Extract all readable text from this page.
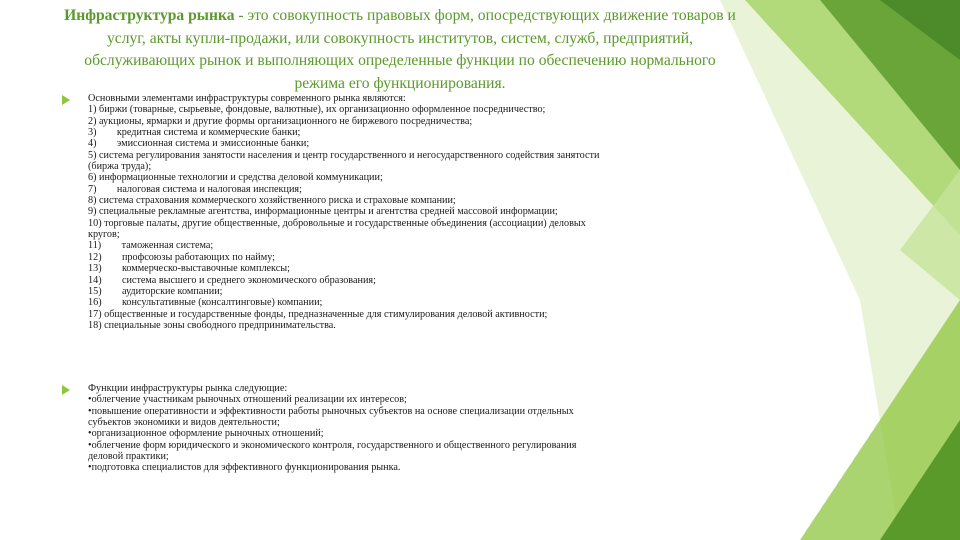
Инфраструктура рынка - это совокупность правовых форм, опосредствующих движение товаров и услуг, акты купли-продажи, или совокупность институтов, систем, служб, предприятий, обслуживающих рынок и выполняющих определенные функции по обеспечению нормального режима его функционирования.

Основными элементами инфраструктуры современного рынка являются:
1) биржи (товарные, сырьевые, фондовые, валютные), их организационно оформленное посредничество;
2) аукционы, ярмарки и другие формы организационного не биржевого посредничества;
3)        кредитная система и коммерческие банки;
4)        эмиссионная система и эмиссионные банки;
5) система регулирования занятости населения и центр государственного и негосударственного содействия занятости
(биржа труда);
6) информационные технологии и средства деловой коммуникации;
7)        налоговая система и налоговая инспекция;
8) система страхования коммерческого хозяйственного риска и страховые компании;
9) специальные рекламные агентства, информационные центры и агентства средней массовой информации;
10) торговые палаты, другие общественные, добровольные и государственные объединения (ассоциации) деловых
кругов;
11)        таможенная система;
12)        профсоюзы работающих по найму;
13)        коммерческо-выставочные комплексы;
14)        система высшего и среднего экономического образования;
15)        аудиторские компании;
16)        консультативные (консалтинговые) компании;
17) общественные и государственные фонды, предназначенные для стимулирования деловой активности;
18) специальные зоны свободного предпринимательства.
Функции инфраструктуры рынка следующие:
•облегчение участникам рыночных отношений реализации их интересов;
•повышение оперативности и эффективности работы рыночных субъектов на основе специализации отдельных
субъектов экономики и видов деятельности;
•организационное оформление рыночных отношений;
•облегчение форм юридического и экономического контроля, государственного и общественного регулирования
деловой практики;
•подготовка специалистов для эффективного функционирования рынка.
